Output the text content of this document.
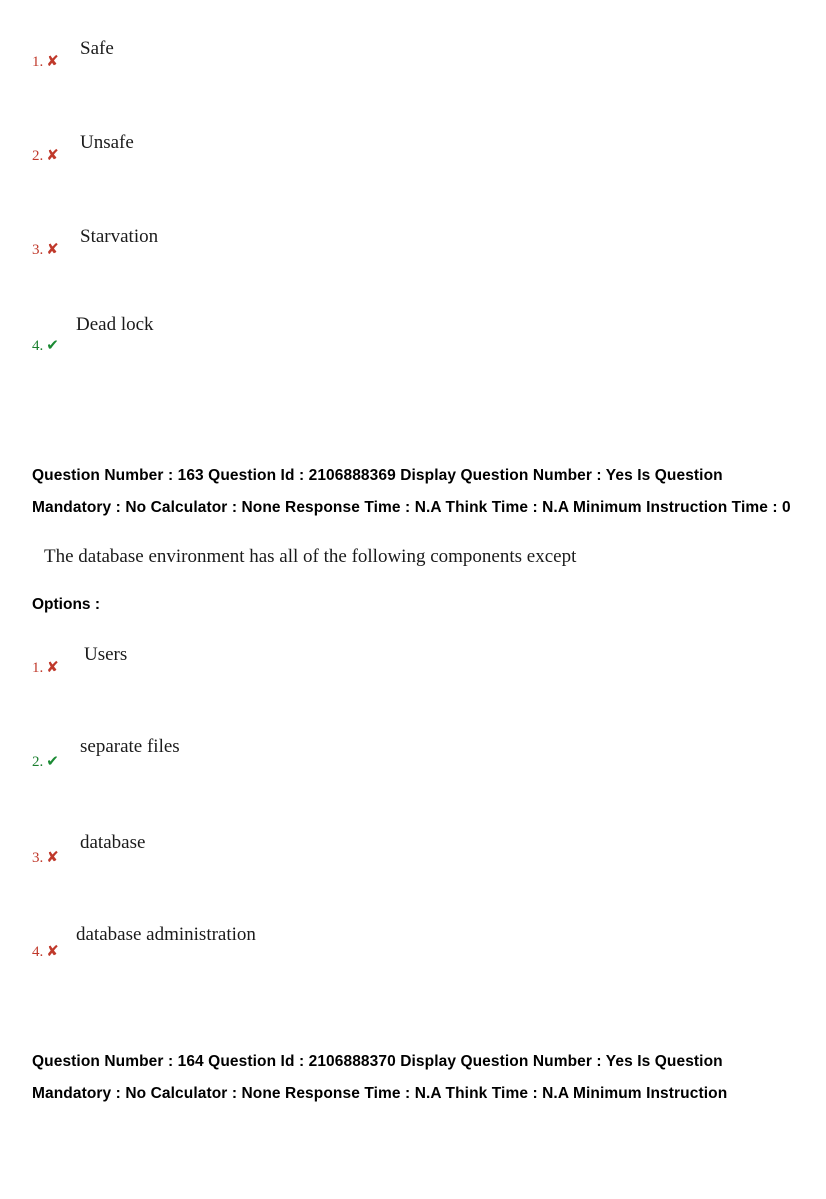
1. ✘
Safe
2. ✘
Unsafe
3. ✘
Starvation
4. ✔
Dead lock
Question Number : 163 Question Id : 2106888369 Display Question Number : Yes Is Question Mandatory : No Calculator : None Response Time : N.A Think Time : N.A Minimum Instruction Time : 0
The database environment has all of the following components except
Options :
1. ✘
Users
2. ✔
separate files
3. ✘
database
4. ✘
database administration
Question Number : 164 Question Id : 2106888370 Display Question Number : Yes Is Question Mandatory : No Calculator : None Response Time : N.A Think Time : N.A Minimum Instruction
